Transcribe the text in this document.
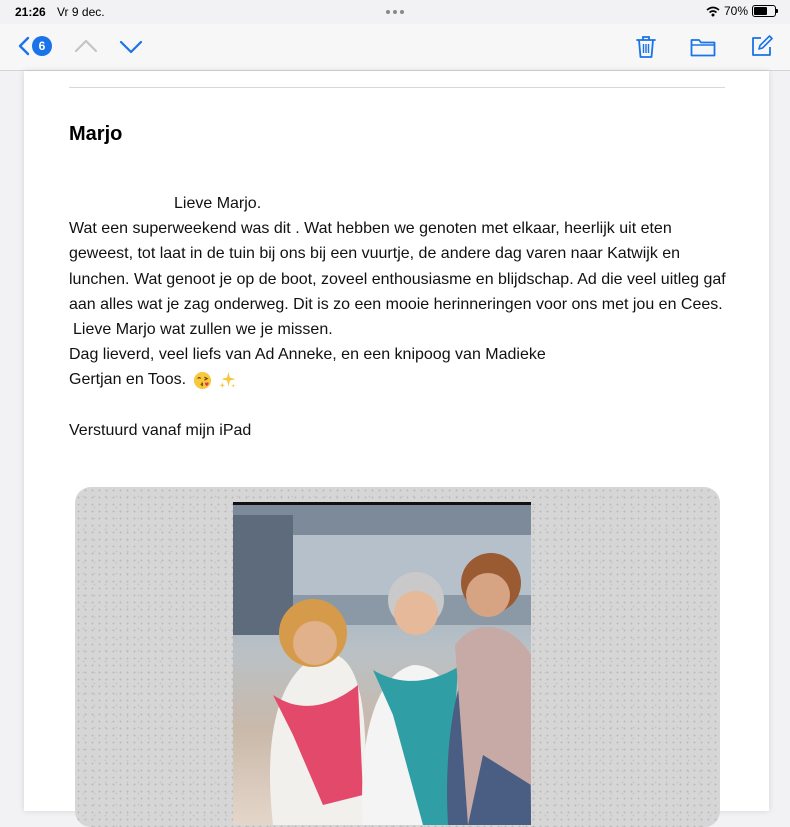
21:26 Vr 9 dec.	70%
6
Marjo

Lieve Marjo.

Wat een superweekend was dit . Wat hebben we genoten met elkaar, heerlijk uit eten geweest, tot laat in de tuin bij ons bij een vuurtje, de andere dag varen naar Katwijk en lunchen. Wat genoot je op de boot, zoveel enthousiasme en blijdschap. Ad die veel uitleg gaf aan alles wat je zag onderweg. Dit is zo een mooie herinneringen voor ons met jou en Cees.

Lieve Marjo wat zullen we je missen.

Dag lieverd, veel liefs van Ad Anneke, en een knipoog van Madieke

Gertjan en Toos.

Verstuurd vanaf mijn iPad
